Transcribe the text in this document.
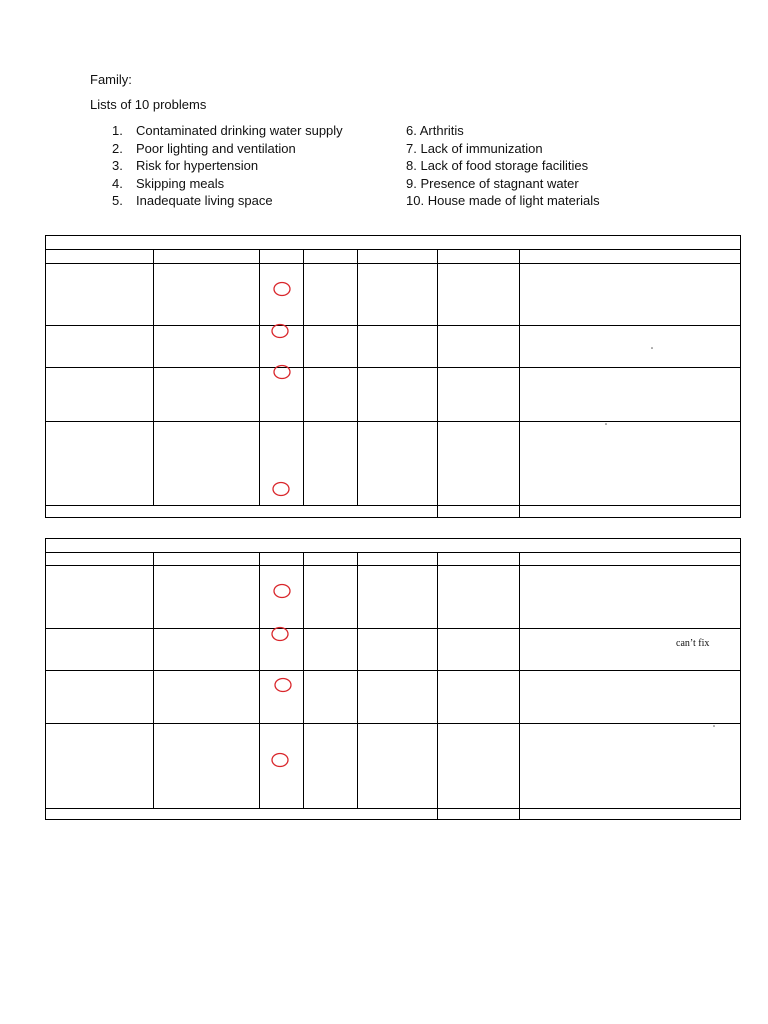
Family:
Lists of 10 problems
1. Contaminated drinking water supply
2. Poor lighting and ventilation
3. Risk for hypertension
4. Skipping meals
5. Inadequate living space
6. Arthritis
7. Lack of immunization
8. Lack of food storage facilities
9. Presence of stagnant water
10. House made of light materials
can’t fix
